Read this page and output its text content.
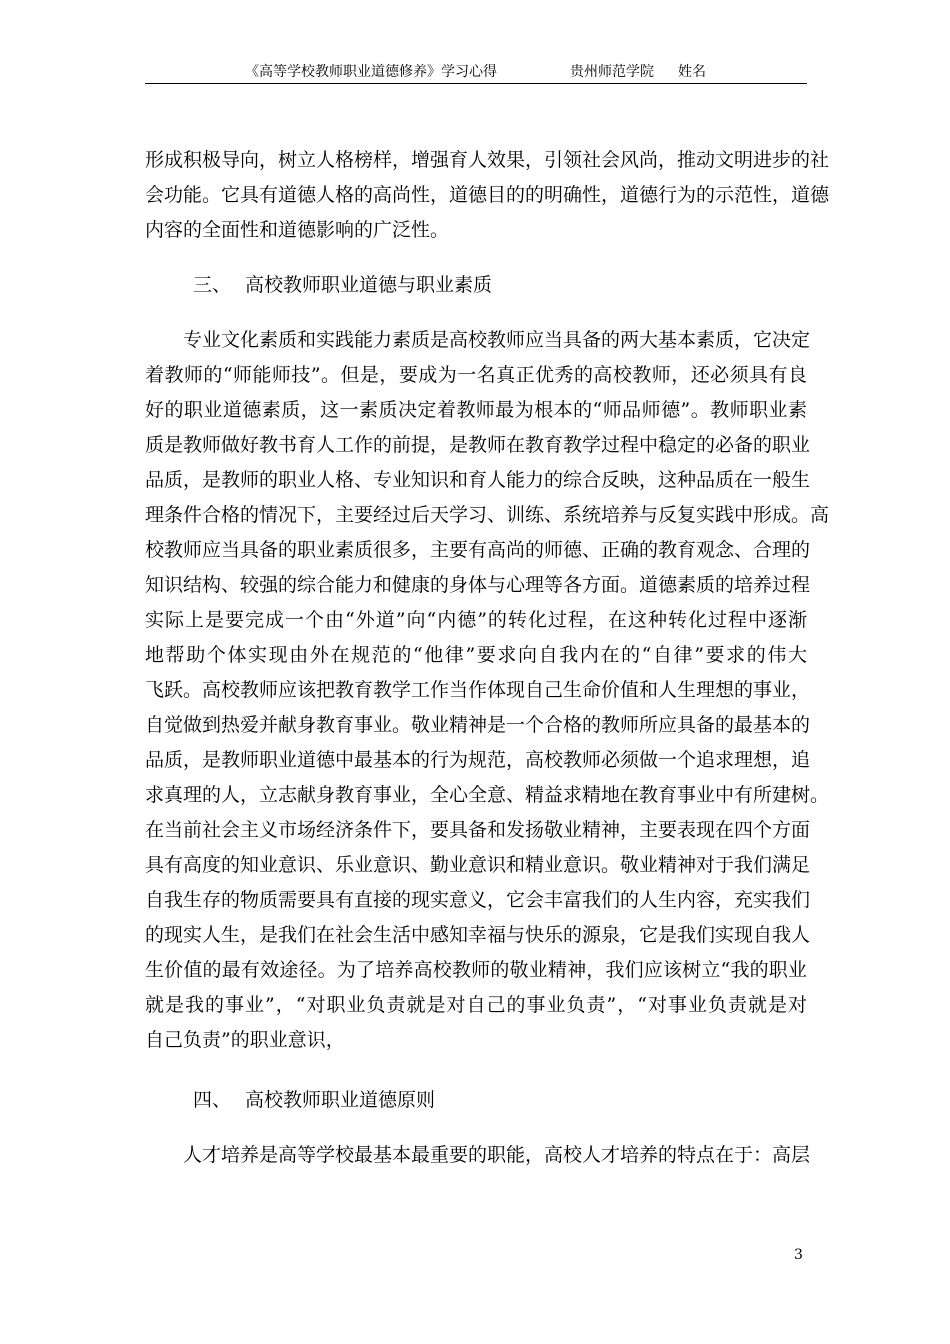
《高等学校教师职业道德修养》学习心得	贵州师范学院 姓名
形成积极导向，树立人格榜样，增强育人效果，引领社会风尚，推动文明进步的社
会功能。它具有道德人格的高尚性，道德目的的明确性，道德行为的示范性，道德
内容的全面性和道德影响的广泛性。
三、 高校教师职业道德与职业素质
专业文化素质和实践能力素质是高校教师应当具备的两大基本素质，它决定
着教师的“师能师技”。但是，要成为一名真正优秀的高校教师，还必须具有良
好的职业道德素质，这一素质决定着教师最为根本的“师品师德”。教师职业素
质是教师做好教书育人工作的前提，是教师在教育教学过程中稳定的必备的职业
品质，是教师的职业人格、专业知识和育人能力的综合反映，这种品质在一般生
理条件合格的情况下，主要经过后天学习、训练、系统培养与反复实践中形成。高
校教师应当具备的职业素质很多，主要有高尚的师德、正确的教育观念、合理的
知识结构、较强的综合能力和健康的身体与心理等各方面。道德素质的培养过程
实际上是要完成一个由“外道”向“内德”的转化过程，在这种转化过程中逐渐
地帮助个体实现由外在规范的“他律”要求向自我内在的“自律”要求的伟大
飞跃。高校教师应该把教育教学工作当作体现自己生命价值和人生理想的事业，
自觉做到热爱并献身教育事业。敬业精神是一个合格的教师所应具备的最基本的
品质，是教师职业道德中最基本的行为规范，高校教师必须做一个追求理想，追
求真理的人，立志献身教育事业，全心全意、精益求精地在教育事业中有所建树。
在当前社会主义市场经济条件下，要具备和发扬敬业精神，主要表现在四个方面
具有高度的知业意识、乐业意识、勤业意识和精业意识。敬业精神对于我们满足
自我生存的物质需要具有直接的现实意义，它会丰富我们的人生内容，充实我们
的现实人生，是我们在社会生活中感知幸福与快乐的源泉，它是我们实现自我人
生价值的最有效途径。为了培养高校教师的敬业精神，我们应该树立“我的职业
就是我的事业”，“对职业负责就是对自己的事业负责”，“对事业负责就是对
自己负责”的职业意识，
四、 高校教师职业道德原则
人才培养是高等学校最基本最重要的职能，高校人才培养的特点在于：高层
3
